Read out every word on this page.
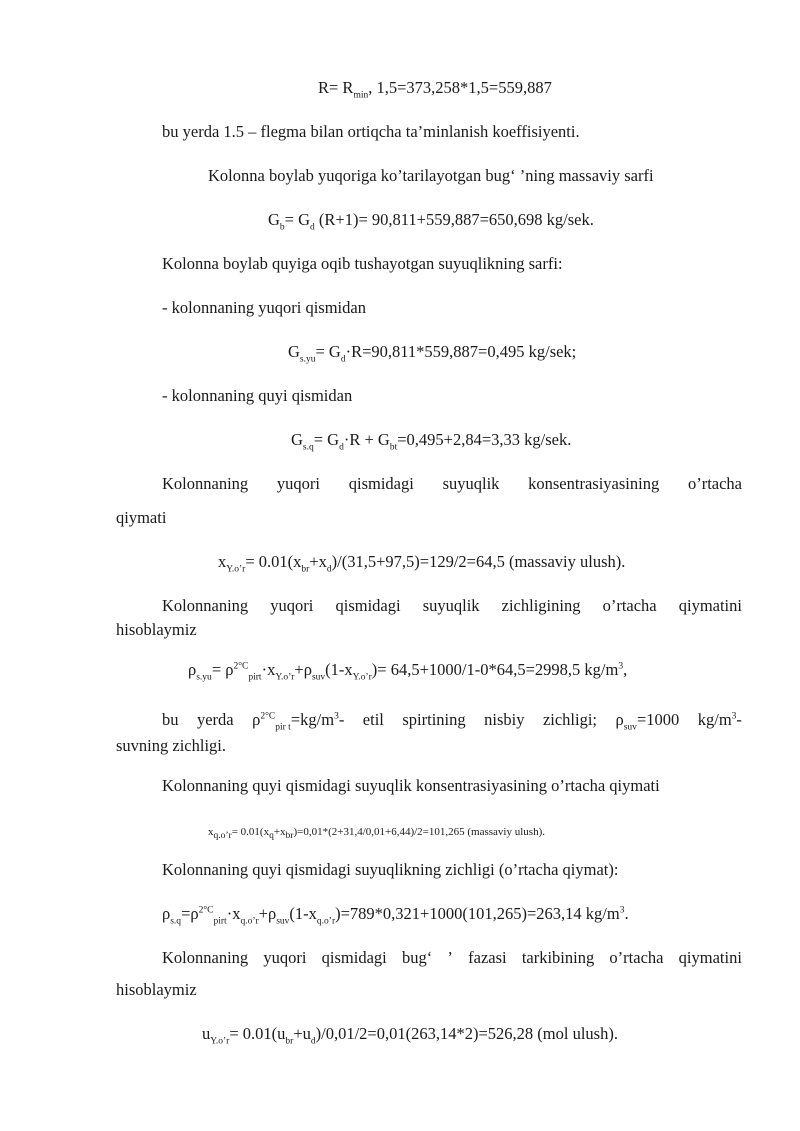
$R= R_{min}$, 1,5=373,258*1,5=559,887
bu yerda 1.5 – flegma bilan ortiqcha ta’minlanish koeffisiyenti.
Kolonna boylab yuqoriga ko’tarilayotgan bug‘ ’ning massaviy sarfi
$G_b= G_d$ (R+1)= 90,811+559,887=650,698 kg/sek.
Kolonna boylab quyiga oqib tushayotgan suyuqlikning sarfi:
- kolonnaning yuqori qismidan
$G_{s.yu}= G_d\cdot R=90,811*559,887=0,495$ kg/sek;
- kolonnaning quyi qismidan
$G_{s.q}= G_d\cdot R + G_{bt}=0,495+2,84=3,33$ kg/sek.
Kolonnaning yuqori qismidagi suyuqlik konsentrasiyasining o’rtacha
qiymati
$x_{Y.o’r}= 0.01(x_{br}+x_d)/(31,5+97,5)=129/2=64,5$ (massaviy ulush).
Kolonnaning yuqori qismidagi suyuqlik zichligining o’rtacha qiymatini
hisoblaymiz
$\rho_{s.yu}= \rho^{2^\circ C}_{pirt}\cdot x_{Y.o’r}+\rho_{suv}(1-x_{Y.o’r})= 64,5+1000/1-0*64,5=2998,5$ $kg/m^3$,
bu yerda $\rho^{2^\circ C}_{pir t}=kg/m^3-$ etil spirtining nisbiy zichligi; $\rho_{suv}=1000$ $kg/m^3-$
suvning zichligi.
Kolonnaning quyi qismidagi suyuqlik konsentrasiyasining o’rtacha qiymati
$x_{q.o’r}= 0.01(x_q+x_{br})=0,01*(2+31,4/0,01+6,44)/2=101,265$ (massaviy ulush).
Kolonnaning quyi qismidagi suyuqlikning zichligi (o’rtacha qiymat):
$\rho_{s.q}=\rho^{2^\circ C}_{pirt}\cdot x_{q.o’r}+\rho_{suv}(1-x_{q.o’r})=789*0,321+1000(101,265)=263,14$ $kg/m^3$.
Kolonnaning yuqori qismidagi bug‘ ’ fazasi tarkibining o’rtacha qiymatini
hisoblaymiz
$u_{Y.o’r}= 0.01(u_{br}+u_d)/0,01/2=0,01(263,14*2)=526,28$ (mol ulush).
